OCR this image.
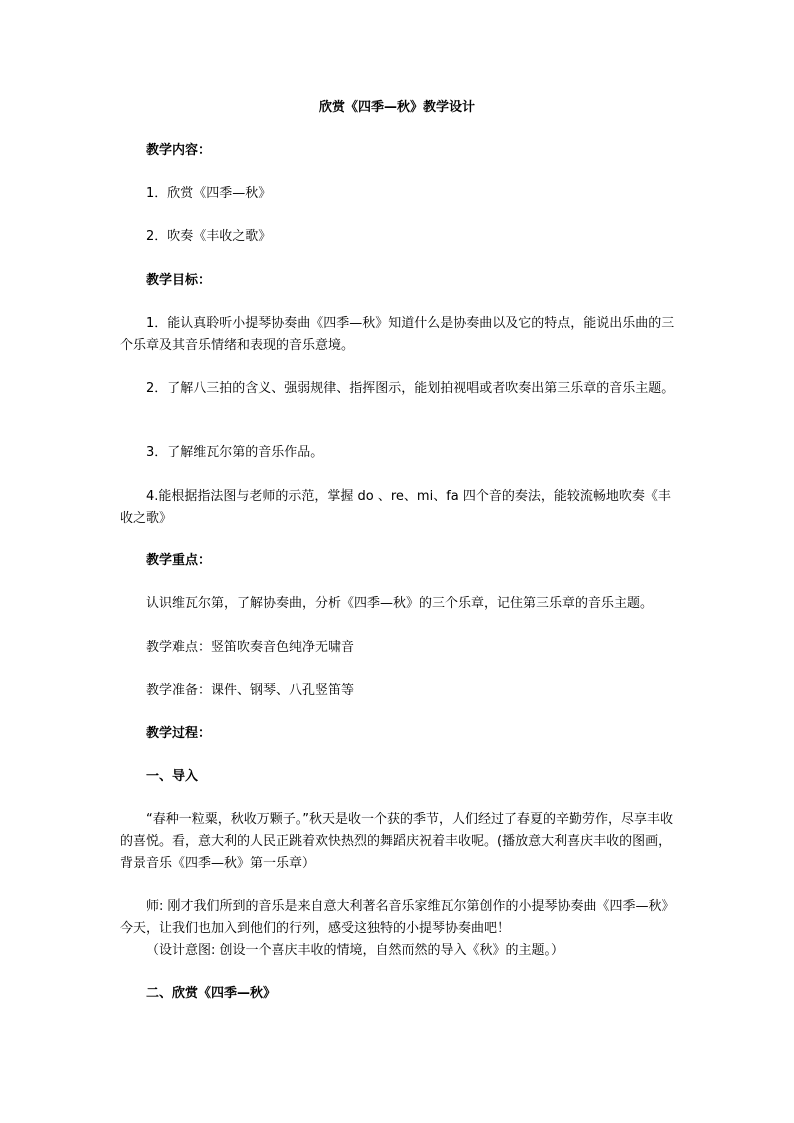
欣赏《四季—秋》教学设计

教学内容：

1．欣赏《四季—秋》

2．吹奏《丰收之歌》

教学目标：

1．能认真聆听小提琴协奏曲《四季—秋》知道什么是协奏曲以及它的特点，能说出乐曲的三个乐章及其音乐情绪和表现的音乐意境。

2．了解八三拍的含义、强弱规律、指挥图示，能划拍视唱或者吹奏出第三乐章的音乐主题。

3．了解维瓦尔第的音乐作品。

4.能根据指法图与老师的示范，掌握 do 、re、mi、fa 四个音的奏法，能较流畅地吹奏《丰收之歌》

教学重点：

认识维瓦尔第，了解协奏曲，分析《四季—秋》的三个乐章，记住第三乐章的音乐主题。

教学难点：竖笛吹奏音色纯净无啸音

教学准备：课件、钢琴、八孔竖笛等

教学过程：

一、导入

“春种一粒粟，秋收万颗子。”秋天是收一个获的季节，人们经过了春夏的辛勤劳作，尽享丰收的喜悦。看，意大利的人民正跳着欢快热烈的舞蹈庆祝着丰收呢。(播放意大利喜庆丰收的图画，背景音乐《四季—秋》第一乐章）

师: 刚才我们所到的音乐是来自意大利著名音乐家维瓦尔第创作的小提琴协奏曲《四季—秋》 今天，让我们也加入到他们的行列，感受这独特的小提琴协奏曲吧！

（设计意图: 创设一个喜庆丰收的情境，自然而然的导入《秋》的主题。）

二、欣赏《四季—秋》
